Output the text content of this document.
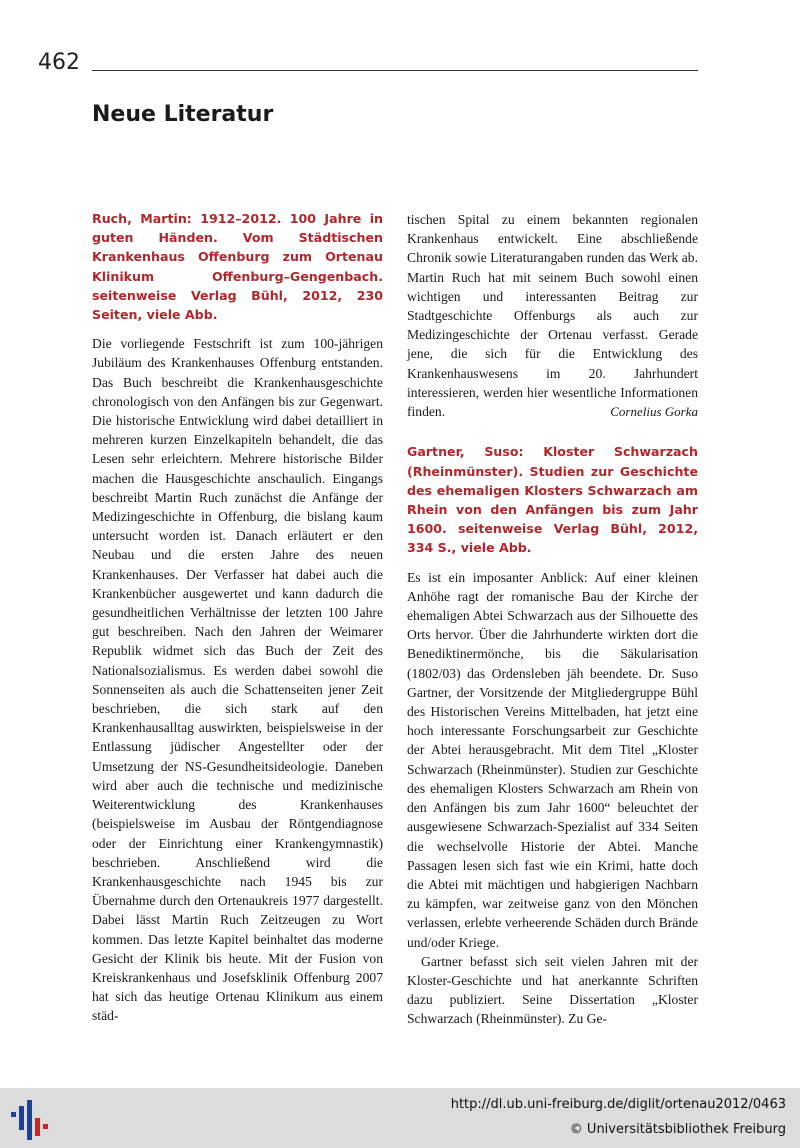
462
Neue Literatur

Ruch, Martin: 1912–2012. 100 Jahre in guten Händen. Vom Städtischen Krankenhaus Offenburg zum Ortenau Klinikum Offenburg–Gengenbach. seitenweise Verlag Bühl, 2012, 230 Seiten, viele Abb.

Die vorliegende Festschrift ist zum 100-jährigen Jubiläum des Krankenhauses Offenburg entstanden. Das Buch beschreibt die Krankenhausgeschichte chronologisch von den Anfängen bis zur Gegenwart. Die historische Entwicklung wird dabei detailliert in mehreren kurzen Einzelkapiteln behandelt, die das Lesen sehr erleichtern. Mehrere historische Bilder machen die Hausgeschichte anschaulich. Eingangs beschreibt Martin Ruch zunächst die Anfänge der Medizingeschichte in Offenburg, die bislang kaum untersucht worden ist. Danach erläutert er den Neubau und die ersten Jahre des neuen Krankenhauses. Der Verfasser hat dabei auch die Krankenbücher ausgewertet und kann dadurch die gesundheitlichen Verhältnisse der letzten 100 Jahre gut beschreiben. Nach den Jahren der Weimarer Republik widmet sich das Buch der Zeit des Nationalsozialismus. Es werden dabei sowohl die Sonnenseiten als auch die Schattenseiten jener Zeit beschrieben, die sich stark auf den Krankenhausalltag auswirkten, beispielsweise in der Entlassung jüdischer Angestellter oder der Umsetzung der NS-Gesundheitsideologie. Daneben wird aber auch die technische und medizinische Weiterentwicklung des Krankenhauses (beispielsweise im Ausbau der Röntgendiagnose oder der Einrichtung einer Krankengymnastik) beschrieben. Anschließend wird die Krankenhausgeschichte nach 1945 bis zur Übernahme durch den Ortenaukreis 1977 dargestellt. Dabei lässt Martin Ruch Zeitzeugen zu Wort kommen. Das letzte Kapitel beinhaltet das moderne Gesicht der Klinik bis heute. Mit der Fusion von Kreiskrankenhaus und Josefsklinik Offenburg 2007 hat sich das heutige Ortenau Klinikum aus einem städ-

tischen Spital zu einem bekannten regionalen Krankenhaus entwickelt. Eine abschließende Chronik sowie Literaturangaben runden das Werk ab. Martin Ruch hat mit seinem Buch sowohl einen wichtigen und interessanten Beitrag zur Stadtgeschichte Offenburgs als auch zur Medizingeschichte der Ortenau verfasst. Gerade jene, die sich für die Entwicklung des Krankenhauswesens im 20. Jahrhundert interessieren, werden hier wesentliche Informationen finden.	Cornelius Gorka

Gartner, Suso: Kloster Schwarzach (Rheinmünster). Studien zur Geschichte des ehemaligen Klosters Schwarzach am Rhein von den Anfängen bis zum Jahr 1600. seitenweise Verlag Bühl, 2012, 334 S., viele Abb.

Es ist ein imposanter Anblick: Auf einer kleinen Anhöhe ragt der romanische Bau der Kirche der ehemaligen Abtei Schwarzach aus der Silhouette des Orts hervor. Über die Jahrhunderte wirkten dort die Benediktinermönche, bis die Säkularisation (1802/03) das Ordensleben jäh beendete. Dr. Suso Gartner, der Vorsitzende der Mitgliedergruppe Bühl des Historischen Vereins Mittelbaden, hat jetzt eine hoch interessante Forschungsarbeit zur Geschichte der Abtei herausgebracht. Mit dem Titel „Kloster Schwarzach (Rheinmünster). Studien zur Geschichte des ehemaligen Klosters Schwarzach am Rhein von den Anfängen bis zum Jahr 1600“ beleuchtet der ausgewiesene Schwarzach-Spezialist auf 334 Seiten die wechselvolle Historie der Abtei. Manche Passagen lesen sich fast wie ein Krimi, hatte doch die Abtei mit mächtigen und habgierigen Nachbarn zu kämpfen, war zeitweise ganz von den Mönchen verlassen, erlebte verheerende Schäden durch Brände und/oder Kriege.

Gartner befasst sich seit vielen Jahren mit der Kloster-Geschichte und hat anerkannte Schriften dazu publiziert. Seine Dissertation „Kloster Schwarzach (Rheinmünster). Zu Ge-

http://dl.ub.uni-freiburg.de/diglit/ortenau2012/0463
© Universitätsbibliothek Freiburg
